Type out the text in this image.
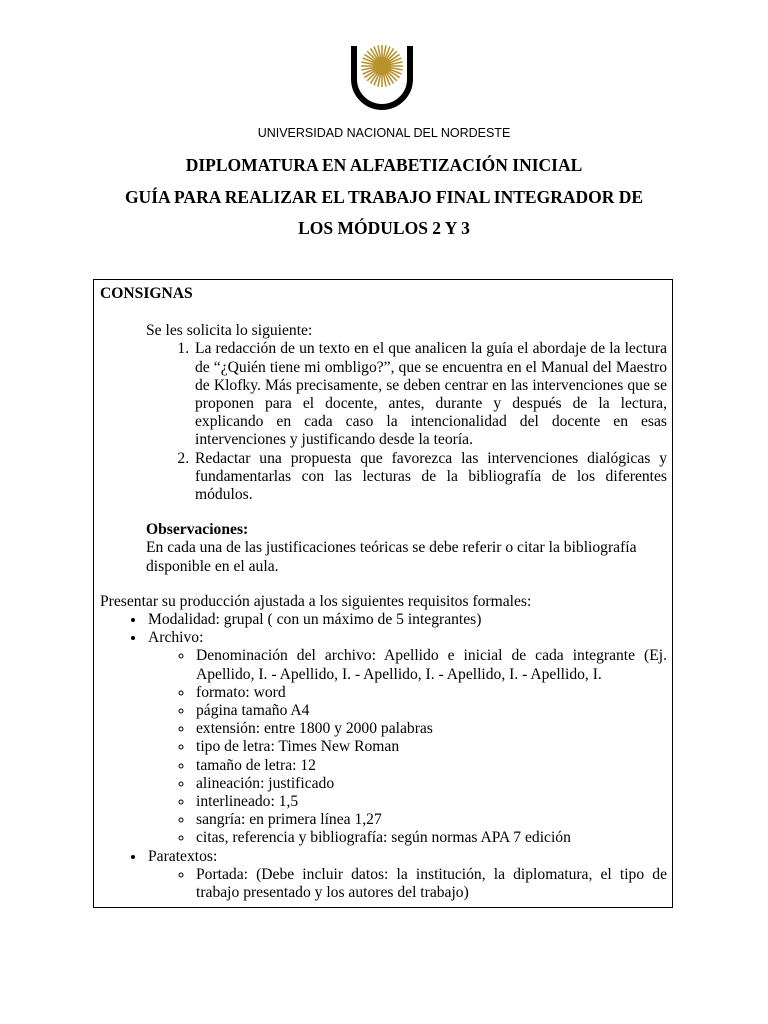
UNIVERSIDAD NACIONAL DEL NORDESTE
DIPLOMATURA EN ALFABETIZACIÓN INICIAL
GUÍA PARA REALIZAR EL TRABAJO FINAL INTEGRADOR DE
LOS MÓDULOS 2 Y 3

CONSIGNAS

Se les solicita lo siguiente:

1. La redacción de un texto en el que analicen la guía el abordaje de la lectura de “¿Quién tiene mi ombligo?”, que se encuentra en el Manual del Maestro de Klofky. Más precisamente, se deben centrar en las intervenciones que se proponen para el docente, antes, durante y después de la lectura, explicando en cada caso la intencionalidad del docente en esas intervenciones y justificando desde la teoría.
2. Redactar una propuesta que favorezca las intervenciones dialógicas y fundamentarlas con las lecturas de la bibliografía de los diferentes módulos.

Observaciones:

En cada una de las justificaciones teóricas se debe referir o citar la bibliografía disponible en el aula.

Presentar su producción ajustada a los siguientes requisitos formales:

• Modalidad: grupal ( con un máximo de 5 integrantes)
• Archivo:
◦ Denominación del archivo: Apellido e inicial de cada integrante (Ej. Apellido, I. - Apellido, I. - Apellido, I. - Apellido, I. - Apellido, I.
◦ formato: word
◦ página tamaño A4
◦ extensión: entre 1800 y 2000 palabras
◦ tipo de letra: Times New Roman
◦ tamaño de letra: 12
◦ alineación: justificado
◦ interlineado: 1,5
◦ sangría: en primera línea 1,27
◦ citas, referencia y bibliografía: según normas APA 7 edición
• Paratextos:
◦ Portada: (Debe incluir datos: la institución, la diplomatura, el tipo de trabajo presentado y los autores del trabajo)
